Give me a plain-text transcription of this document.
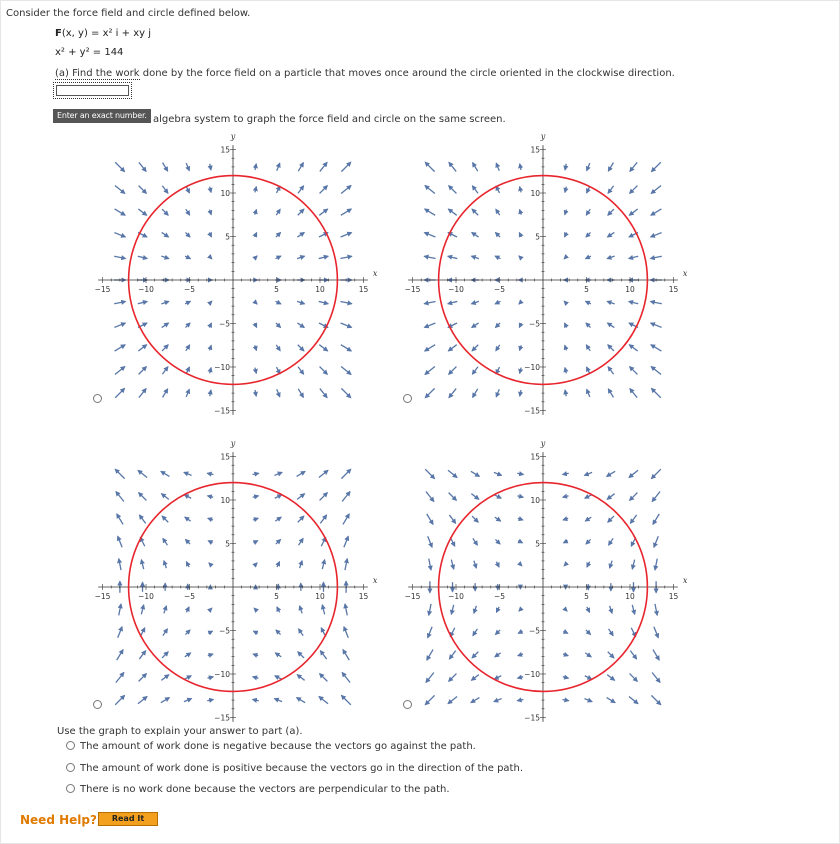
Consider the force field and circle defined below.
F(x, y) = x² i + xy j
x² + y² = 144
(a) Find the work done by the force field on a particle that moves once around the circle oriented in the clockwise direction.
Enter an exact number. algebra system to graph the force field and circle on the same screen.
−15
−15
−10
−10
−5
−5
5
5
10
10
15
15
x
y
−15
−15
−10
−10
−5
−5
5
5
10
10
15
15
x
y
−15
−15
−10
−10
−5
−5
5
5
10
10
15
15
x
y
−15
−15
−10
−10
−5
−5
5
5
10
10
15
15
x
y
Use the graph to explain your answer to part (a).
The amount of work done is negative because the vectors go against the path.
The amount of work done is positive because the vectors go in the direction of the path.
There is no work done because the vectors are perpendicular to the path.
Need Help?	Read It
